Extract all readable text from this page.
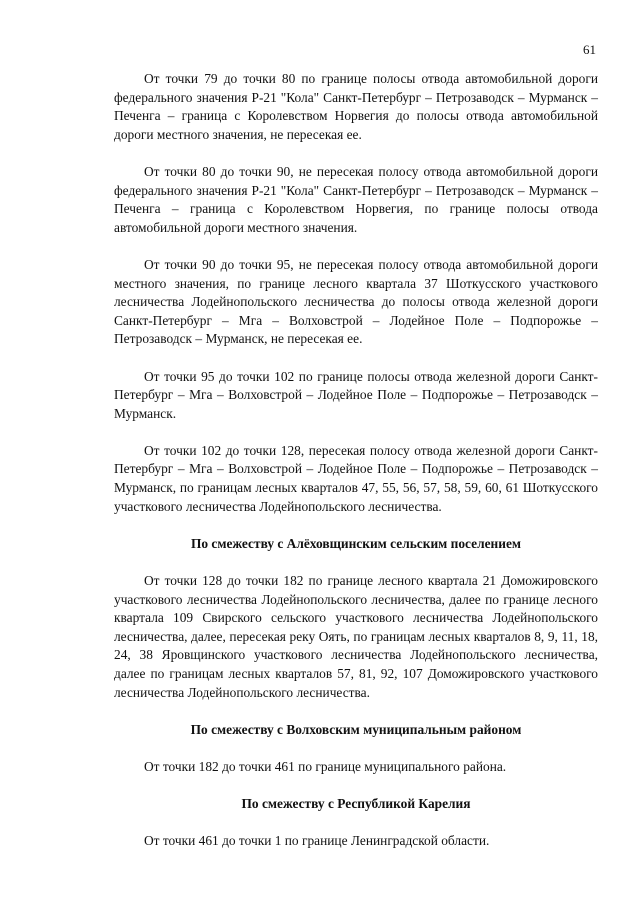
61

От точки 79 до точки 80 по границе полосы отвода автомобильной дороги федерального значения Р-21 "Кола" Санкт-Петербург – Петрозаводск – Мурманск – Печенга – граница с Королевством Норвегия до полосы отвода автомобильной дороги местного значения, не пересекая ее.

От точки 80 до точки 90, не пересекая полосу отвода автомобильной дороги федерального значения Р-21 "Кола" Санкт-Петербург – Петрозаводск – Мурманск – Печенга – граница с Королевством Норвегия, по границе полосы отвода автомобильной дороги местного значения.

От точки 90 до точки 95, не пересекая полосу отвода автомобильной дороги местного значения, по границе лесного квартала 37 Шоткусского участкового лесничества Лодейнопольского лесничества до полосы отвода железной дороги Санкт-Петербург – Мга – Волховстрой – Лодейное Поле – Подпорожье – Петрозаводск – Мурманск, не пересекая ее.

От точки 95 до точки 102 по границе полосы отвода железной дороги Санкт-Петербург – Мга – Волховстрой – Лодейное Поле – Подпорожье – Петрозаводск – Мурманск.

От точки 102 до точки 128, пересекая полосу отвода железной дороги Санкт-Петербург – Мга – Волховстрой – Лодейное Поле – Подпорожье – Петрозаводск – Мурманск, по границам лесных кварталов 47, 55, 56, 57, 58, 59, 60, 61 Шоткусского участкового лесничества Лодейнопольского лесничества.

По смежеству с Алёховщинским сельским поселением

От точки 128 до точки 182 по границе лесного квартала 21 Доможировского участкового лесничества Лодейнопольского лесничества, далее по границе лесного квартала 109 Свирского сельского участкового лесничества Лодейнопольского лесничества, далее, пересекая реку Оять, по границам лесных кварталов 8, 9, 11, 18, 24, 38 Яровщинского участкового лесничества Лодейнопольского лесничества, далее по границам лесных кварталов 57, 81, 92, 107 Доможировского участкового лесничества Лодейнопольского лесничества.

По смежеству с Волховским муниципальным районом

От точки 182 до точки 461 по границе муниципального района.

По смежеству с Республикой Карелия

От точки 461 до точки 1 по границе Ленинградской области.
